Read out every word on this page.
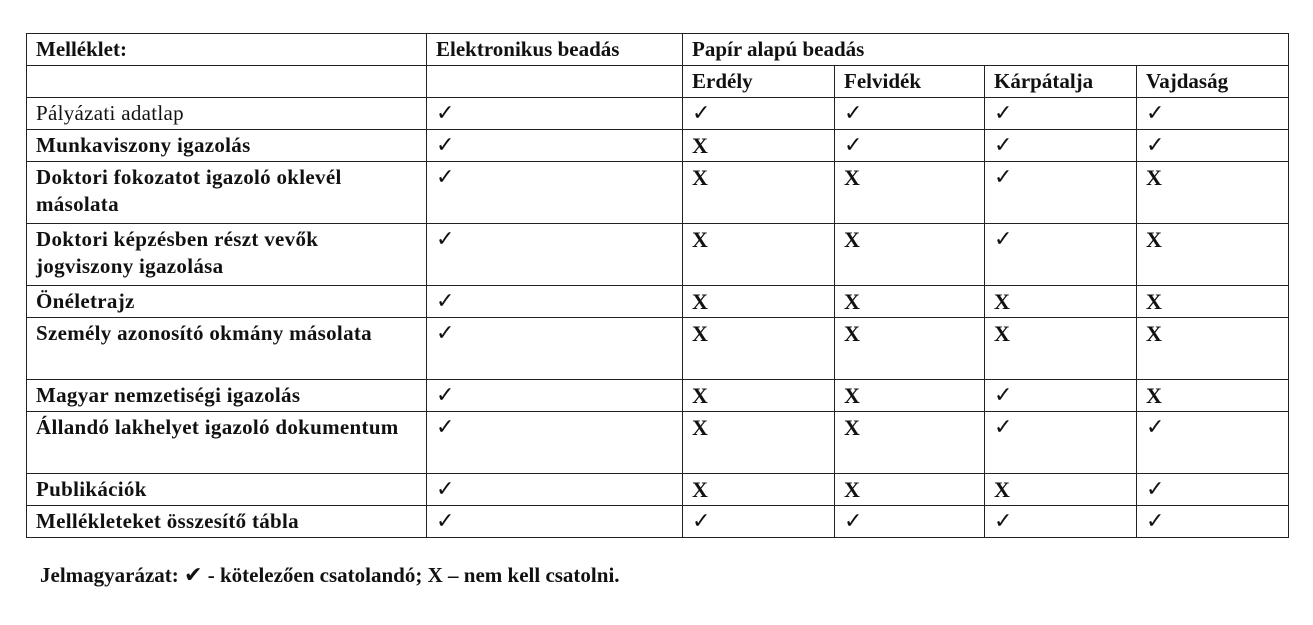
Melléklet:	Elektronikus beadás	Papír alapú beadás			
		Erdély	Felvidék	Kárpátalja	Vajdaság
Pályázati adatlap	✓	✓	✓	✓	✓
Munkaviszony igazolás	✓	X	✓	✓	✓
Doktori fokozatot igazoló oklevél másolata	✓	X	X	✓	X
Doktori képzésben részt vevők jogviszony igazolása	✓	X	X	✓	X
Önéletrajz	✓	X	X	X	X
Személy azonosító okmány másolata	✓	X	X	X	X
Magyar nemzetiségi igazolás	✓	X	X	✓	X
Állandó lakhelyet igazoló dokumentum	✓	X	X	✓	✓
Publikációk	✓	X	X	X	✓
Mellékleteket összesítő tábla	✓	✓	✓	✓	✓
Jelmagyarázat: ✔ - kötelezően csatolandó; X – nem kell csatolni.
